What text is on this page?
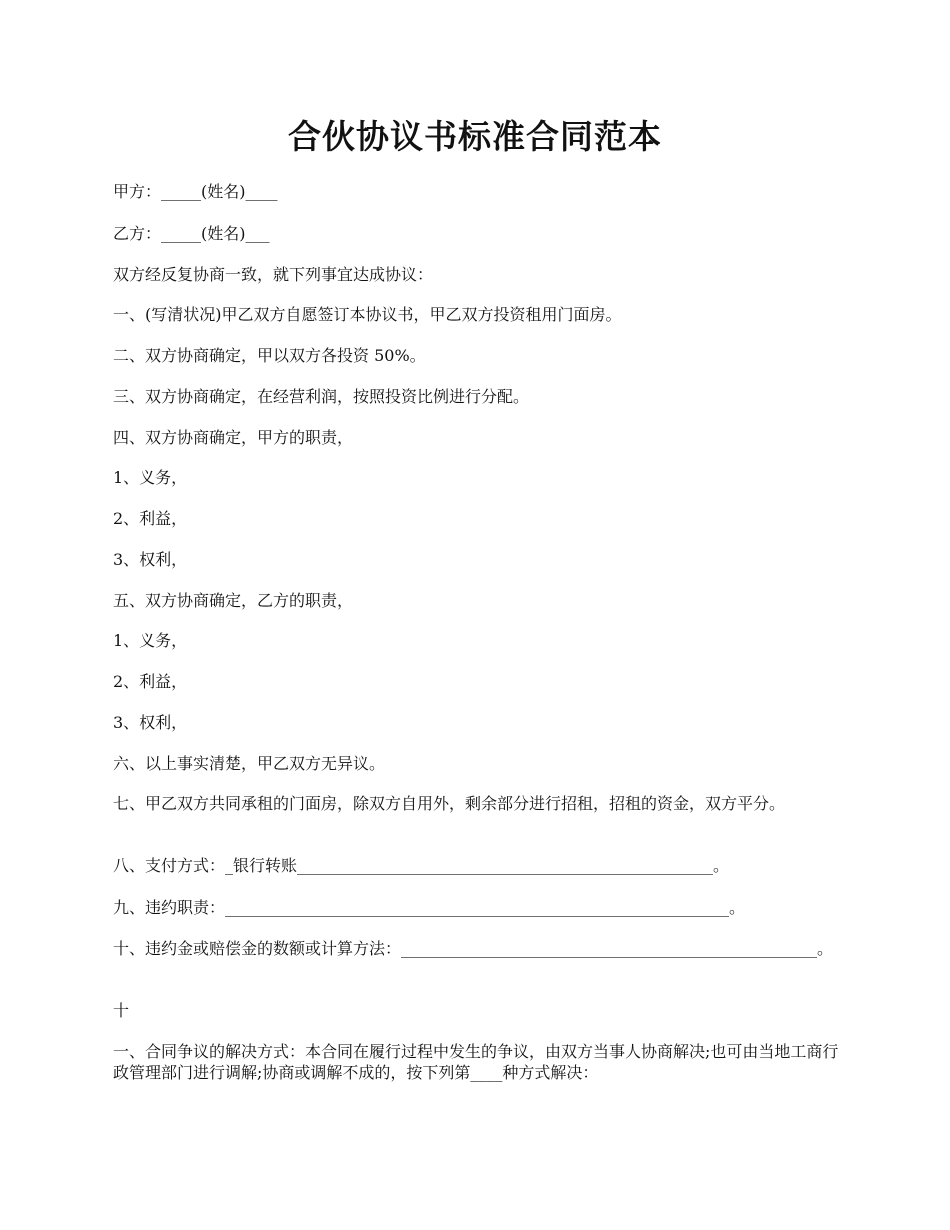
合伙协议书标准合同范本
甲方：_____(姓名)____
乙方：_____(姓名)___
双方经反复协商一致，就下列事宜达成协议：
一、(写清状况)甲乙双方自愿签订本协议书，甲乙双方投资租用门面房。
二、双方协商确定，甲以双方各投资 50%。
三、双方协商确定，在经营利润，按照投资比例进行分配。
四、双方协商确定，甲方的职责，
1、义务，
2、利益，
3、权利，
五、双方协商确定，乙方的职责，
1、义务，
2、利益，
3、权利，
六、以上事实清楚，甲乙双方无异议。
七、甲乙双方共同承租的门面房，除双方自用外，剩余部分进行招租，招租的资金，双方平分。
八、支付方式：_银行转账____________________________________________________。
九、违约职责：_______________________________________________________________。
十、违约金或赔偿金的数额或计算方法：____________________________________________________。
十
一、合同争议的解决方式：本合同在履行过程中发生的争议，由双方当事人协商解决;也可由当地工商行政管理部门进行调解;协商或调解不成的，按下列第____种方式解决：
